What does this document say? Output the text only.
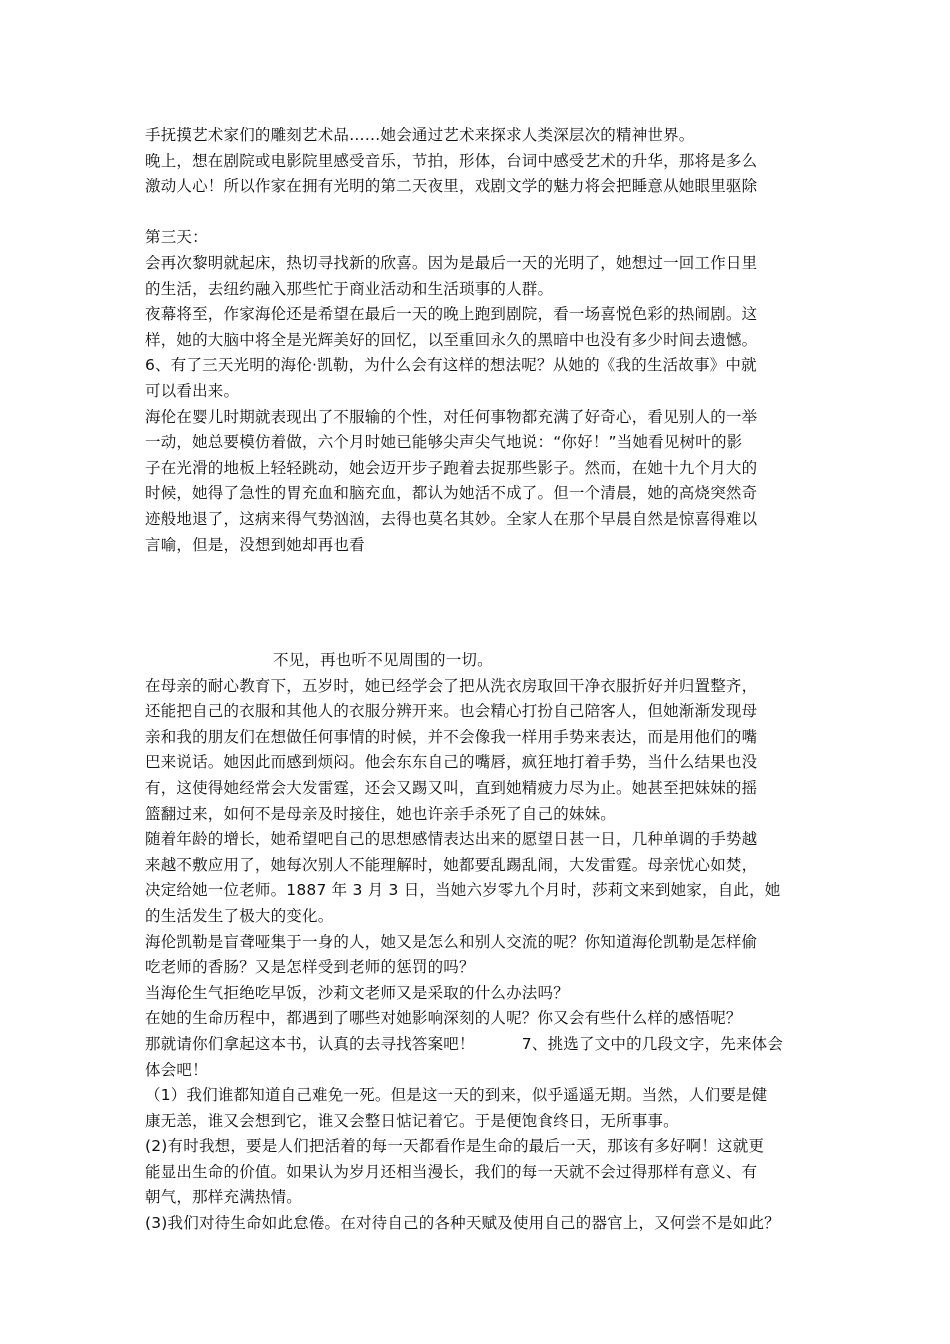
手抚摸艺术家们的雕刻艺术品……她会通过艺术来探求人类深层次的精神世界。
晚上，想在剧院或电影院里感受音乐，节拍，形体，台词中感受艺术的升华，那将是多么
激动人心！所以作家在拥有光明的第二天夜里，戏剧文学的魅力将会把睡意从她眼里驱除
第三天：
会再次黎明就起床，热切寻找新的欣喜。因为是最后一天的光明了，她想过一回工作日里
的生活，去纽约融入那些忙于商业活动和生活琐事的人群。
夜幕将至，作家海伦还是希望在最后一天的晚上跑到剧院，看一场喜悦色彩的热闹剧。这
样，她的大脑中将全是光辉美好的回忆，以至重回永久的黑暗中也没有多少时间去遗憾。
6、有了三天光明的海伦·凯勒，为什么会有这样的想法呢？从她的《我的生活故事》中就
可以看出来。
海伦在婴儿时期就表现出了不服输的个性，对任何事物都充满了好奇心，看见别人的一举
一动，她总要模仿着做，六个月时她已能够尖声尖气地说：“你好！”当她看见树叶的影
子在光滑的地板上轻轻跳动，她会迈开步子跑着去捉那些影子。然而，在她十九个月大的
时候，她得了急性的胃充血和脑充血，都认为她活不成了。但一个清晨，她的高烧突然奇
迹般地退了，这病来得气势汹汹，去得也莫名其妙。全家人在那个早晨自然是惊喜得难以
言喻，但是，没想到她却再也看
不见，再也听不见周围的一切。
在母亲的耐心教育下，五岁时，她已经学会了把从洗衣房取回干净衣服折好并归置整齐，
还能把自己的衣服和其他人的衣服分辨开来。也会精心打扮自己陪客人，但她渐渐发现母
亲和我的朋友们在想做任何事情的时候，并不会像我一样用手势来表达，而是用他们的嘴
巴来说话。她因此而感到烦闷。他会东东自己的嘴唇，疯狂地打着手势，当什么结果也没
有，这使得她经常会大发雷霆，还会又踢又叫，直到她精疲力尽为止。她甚至把妹妹的摇
篮翻过来，如何不是母亲及时接住，她也许亲手杀死了自己的妹妹。
随着年龄的增长，她希望吧自己的思想感情表达出来的愿望日甚一日，几种单调的手势越
来越不敷应用了，她每次别人不能理解时，她都要乱踢乱闹，大发雷霆。母亲忧心如焚，
决定给她一位老师。1887 年 3 月 3 日，当她六岁零九个月时，莎莉文来到她家，自此，她
的生活发生了极大的变化。
海伦凯勒是盲聋哑集于一身的人，她又是怎么和别人交流的呢？你知道海伦凯勒是怎样偷
吃老师的香肠？又是怎样受到老师的惩罚的吗？
当海伦生气拒绝吃早饭，沙莉文老师又是采取的什么办法吗？
在她的生命历程中，都遇到了哪些对她影响深刻的人呢？你又会有些什么样的感悟呢？
那就请你们拿起这本书，认真的去寻找答案吧！　　　7、挑选了文中的几段文字，先来体会
体会吧！
（1）我们谁都知道自己难免一死。但是这一天的到来，似乎遥遥无期。当然，人们要是健
康无恙，谁又会想到它，谁又会整日惦记着它。于是便饱食终日，无所事事。
(2)有时我想，要是人们把活着的每一天都看作是生命的最后一天，那该有多好啊！这就更
能显出生命的价值。如果认为岁月还相当漫长，我们的每一天就不会过得那样有意义、有
朝气，那样充满热情。
(3)我们对待生命如此怠倦。在对待自己的各种天赋及使用自己的器官上，又何尝不是如此？
